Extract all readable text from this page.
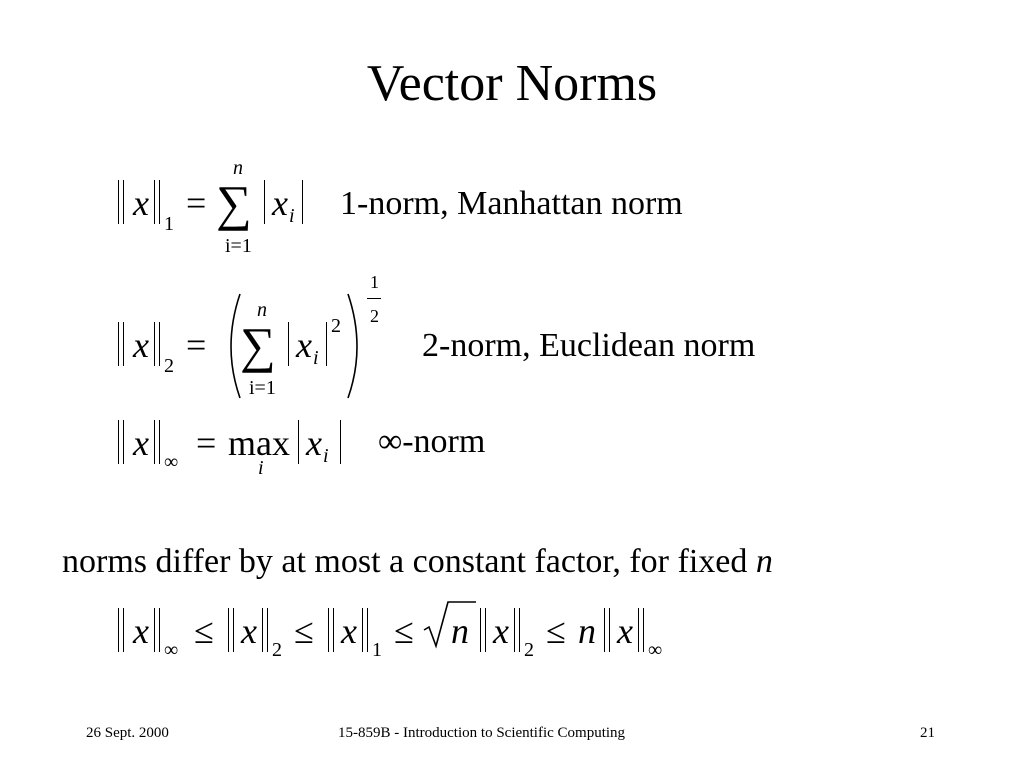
Vector Norms
x
1
=
n
∑
i=1
x i 1-norm, Manhattan norm
x
2
=
n
∑
i=1
x i
2
1
2
2-norm, Euclidean norm
x ∞ = max
i
x i ∞-norm
norms differ by at most a constant factor, for fixed n
x ∞ ≤ x 2 ≤ x 1 ≤ n x 2 ≤ n x ∞
26 Sept. 2000	15-859B - Introduction to Scientific Computing	21
